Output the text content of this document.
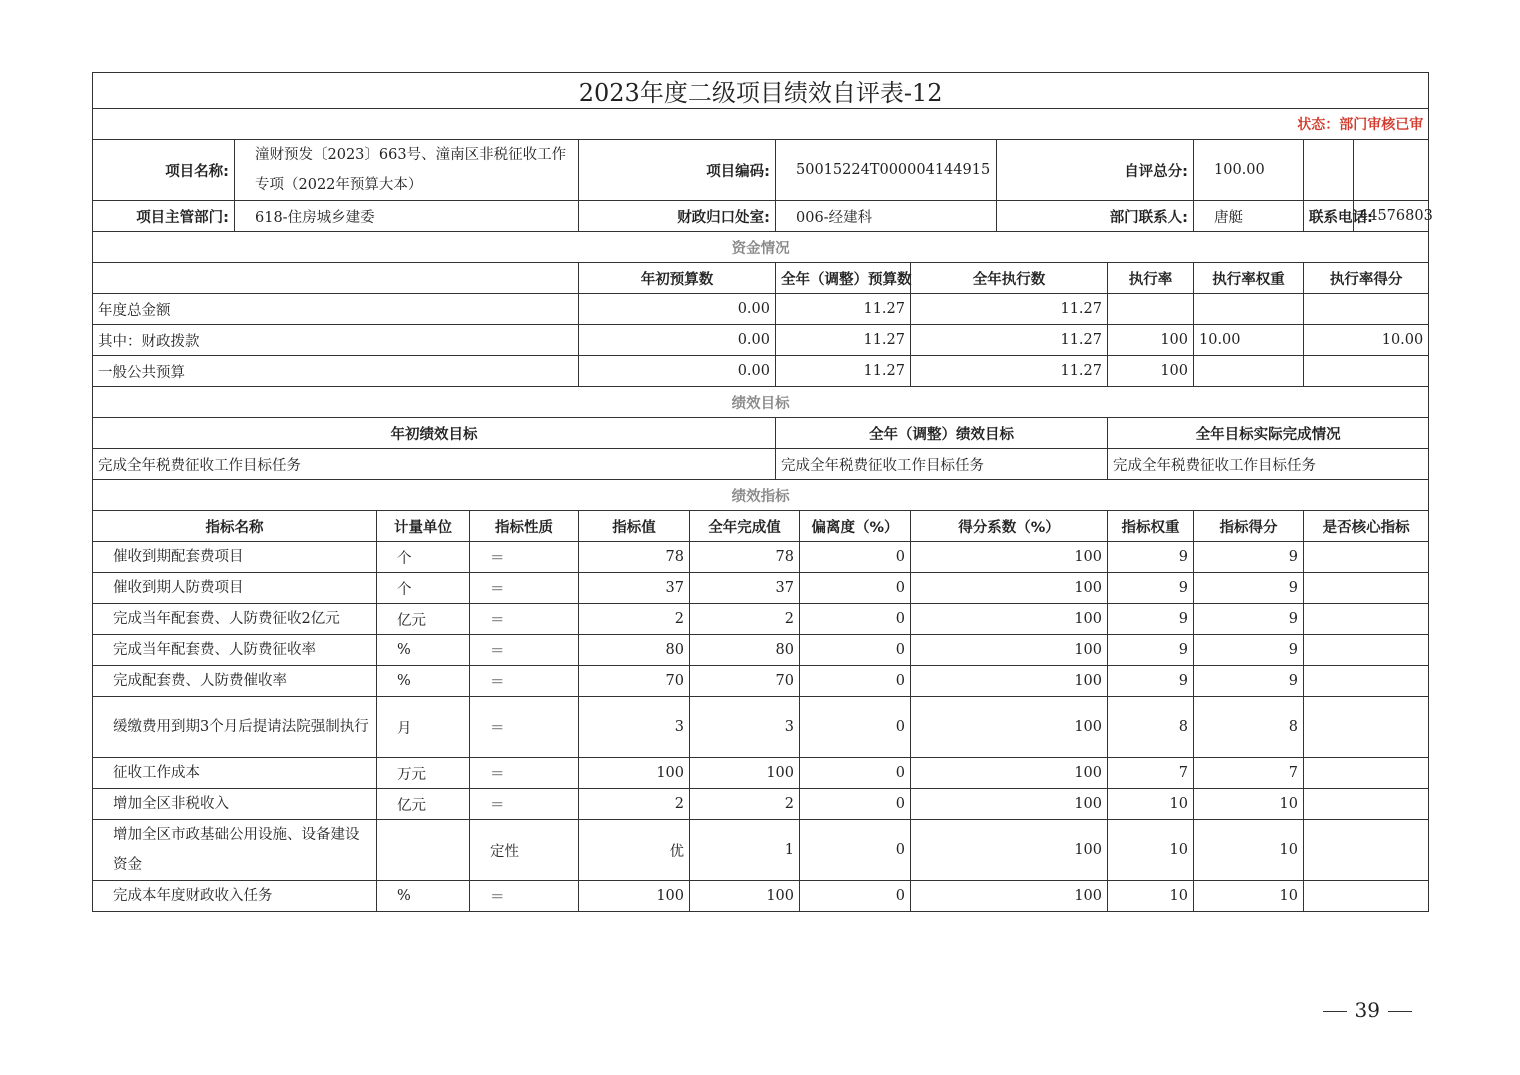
2023年度二级项目绩效自评表-12														
状态：部门审核已审														
项目名称:	潼财预发〔2023〕663号、潼南区非税征收工作专项（2022年预算大本）			项目编码:		50015224T000004144915			自评总分:		100.00			
项目主管部门:	618-住房城乡建委			财政归口处室:		006-经建科			部门联系人:		唐艇	联系电话:	44576803	
资金情况														
				年初预算数		全年（调整）预算数		全年执行数		执行率	执行率权重	执行率得分		
年度总金额				0.00		11.27		11.27						
其中：财政拨款				0.00		11.27		11.27		100	10.00	10.00		
一般公共预算				0.00		11.27		11.27		100				
绩效目标														
年初绩效目标						全年（调整）绩效目标				全年目标实际完成情况				
完成全年税费征收工作目标任务						完成全年税费征收工作目标任务				完成全年税费征收工作目标任务				
绩效指标														
指标名称		计量单位	指标性质	指标值	全年完成值		偏离度（%）	得分系数（%）		指标权重	指标得分	是否核心指标	
催收到期配套费项目		个	＝	78	78		0	100		9	9			
催收到期人防费项目		个	＝	37	37		0	100		9	9			
完成当年配套费、人防费征收2亿元		亿元	＝	2	2		0	100		9	9			
完成当年配套费、人防费征收率		%	＝	80	80		0	100		9	9			
完成配套费、人防费催收率		%	＝	70	70		0	100		9	9			
缓缴费用到期3个月后提请法院强制执行		月	＝	3	3		0	100		8	8			
征收工作成本		万元	＝	100	100		0	100		7	7			
增加全区非税收入		亿元	＝	2	2		0	100		10	10			
增加全区市政基础公用设施、设备建设资金			定性	优	1		0	100		10	10			
完成本年度财政收入任务		%	＝	100	100		0	100		10	10			
39
